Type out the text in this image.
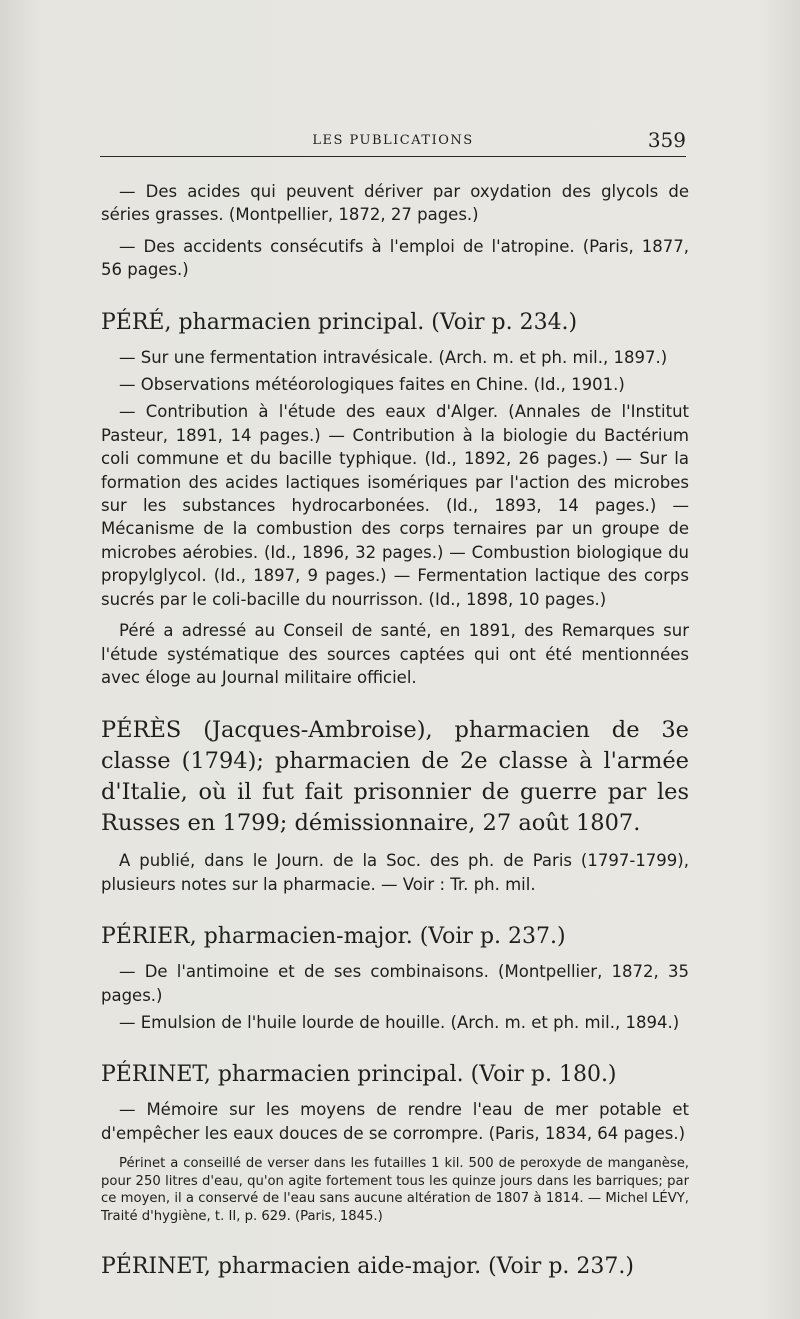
LES PUBLICATIONS	359

— Des acides qui peuvent dériver par oxydation des glycols de séries grasses. (Montpellier, 1872, 27 pages.)

— Des accidents consécutifs à l'emploi de l'atropine. (Paris, 1877, 56 pages.)

PÉRÉ, pharmacien principal. (Voir p. 234.)

— Sur une fermentation intravésicale. (Arch. m. et ph. mil., 1897.)

— Observations météorologiques faites en Chine. (Id., 1901.)

— Contribution à l'étude des eaux d'Alger. (Annales de l'Institut Pasteur, 1891, 14 pages.) — Contribution à la biologie du Bactérium coli commune et du bacille typhique. (Id., 1892, 26 pages.) — Sur la formation des acides lactiques isomériques par l'action des microbes sur les substances hydrocarbonées. (Id., 1893, 14 pages.) — Mécanisme de la combustion des corps ternaires par un groupe de microbes aérobies. (Id., 1896, 32 pages.) — Combustion biologique du propylglycol. (Id., 1897, 9 pages.) — Fermentation lactique des corps sucrés par le coli-bacille du nourrisson. (Id., 1898, 10 pages.)

Péré a adressé au Conseil de santé, en 1891, des Remarques sur l'étude systématique des sources captées qui ont été mentionnées avec éloge au Journal militaire officiel.

PÉRÈS (Jacques-Ambroise), pharmacien de 3e classe (1794); pharmacien de 2e classe à l'armée d'Italie, où il fut fait prisonnier de guerre par les Russes en 1799; démissionnaire, 27 août 1807.

A publié, dans le Journ. de la Soc. des ph. de Paris (1797-1799), plusieurs notes sur la pharmacie. — Voir : Tr. ph. mil.

PÉRIER, pharmacien-major. (Voir p. 237.)

— De l'antimoine et de ses combinaisons. (Montpellier, 1872, 35 pages.)

— Emulsion de l'huile lourde de houille. (Arch. m. et ph. mil., 1894.)

PÉRINET, pharmacien principal. (Voir p. 180.)

— Mémoire sur les moyens de rendre l'eau de mer potable et d'empêcher les eaux douces de se corrompre. (Paris, 1834, 64 pages.)

Périnet a conseillé de verser dans les futailles 1 kil. 500 de peroxyde de manganèse, pour 250 litres d'eau, qu'on agite fortement tous les quinze jours dans les barriques; par ce moyen, il a conservé de l'eau sans aucune altération de 1807 à 1814. — Michel LÉVY, Traité d'hygiène, t. II, p. 629. (Paris, 1845.)

PÉRINET, pharmacien aide-major. (Voir p. 237.)
